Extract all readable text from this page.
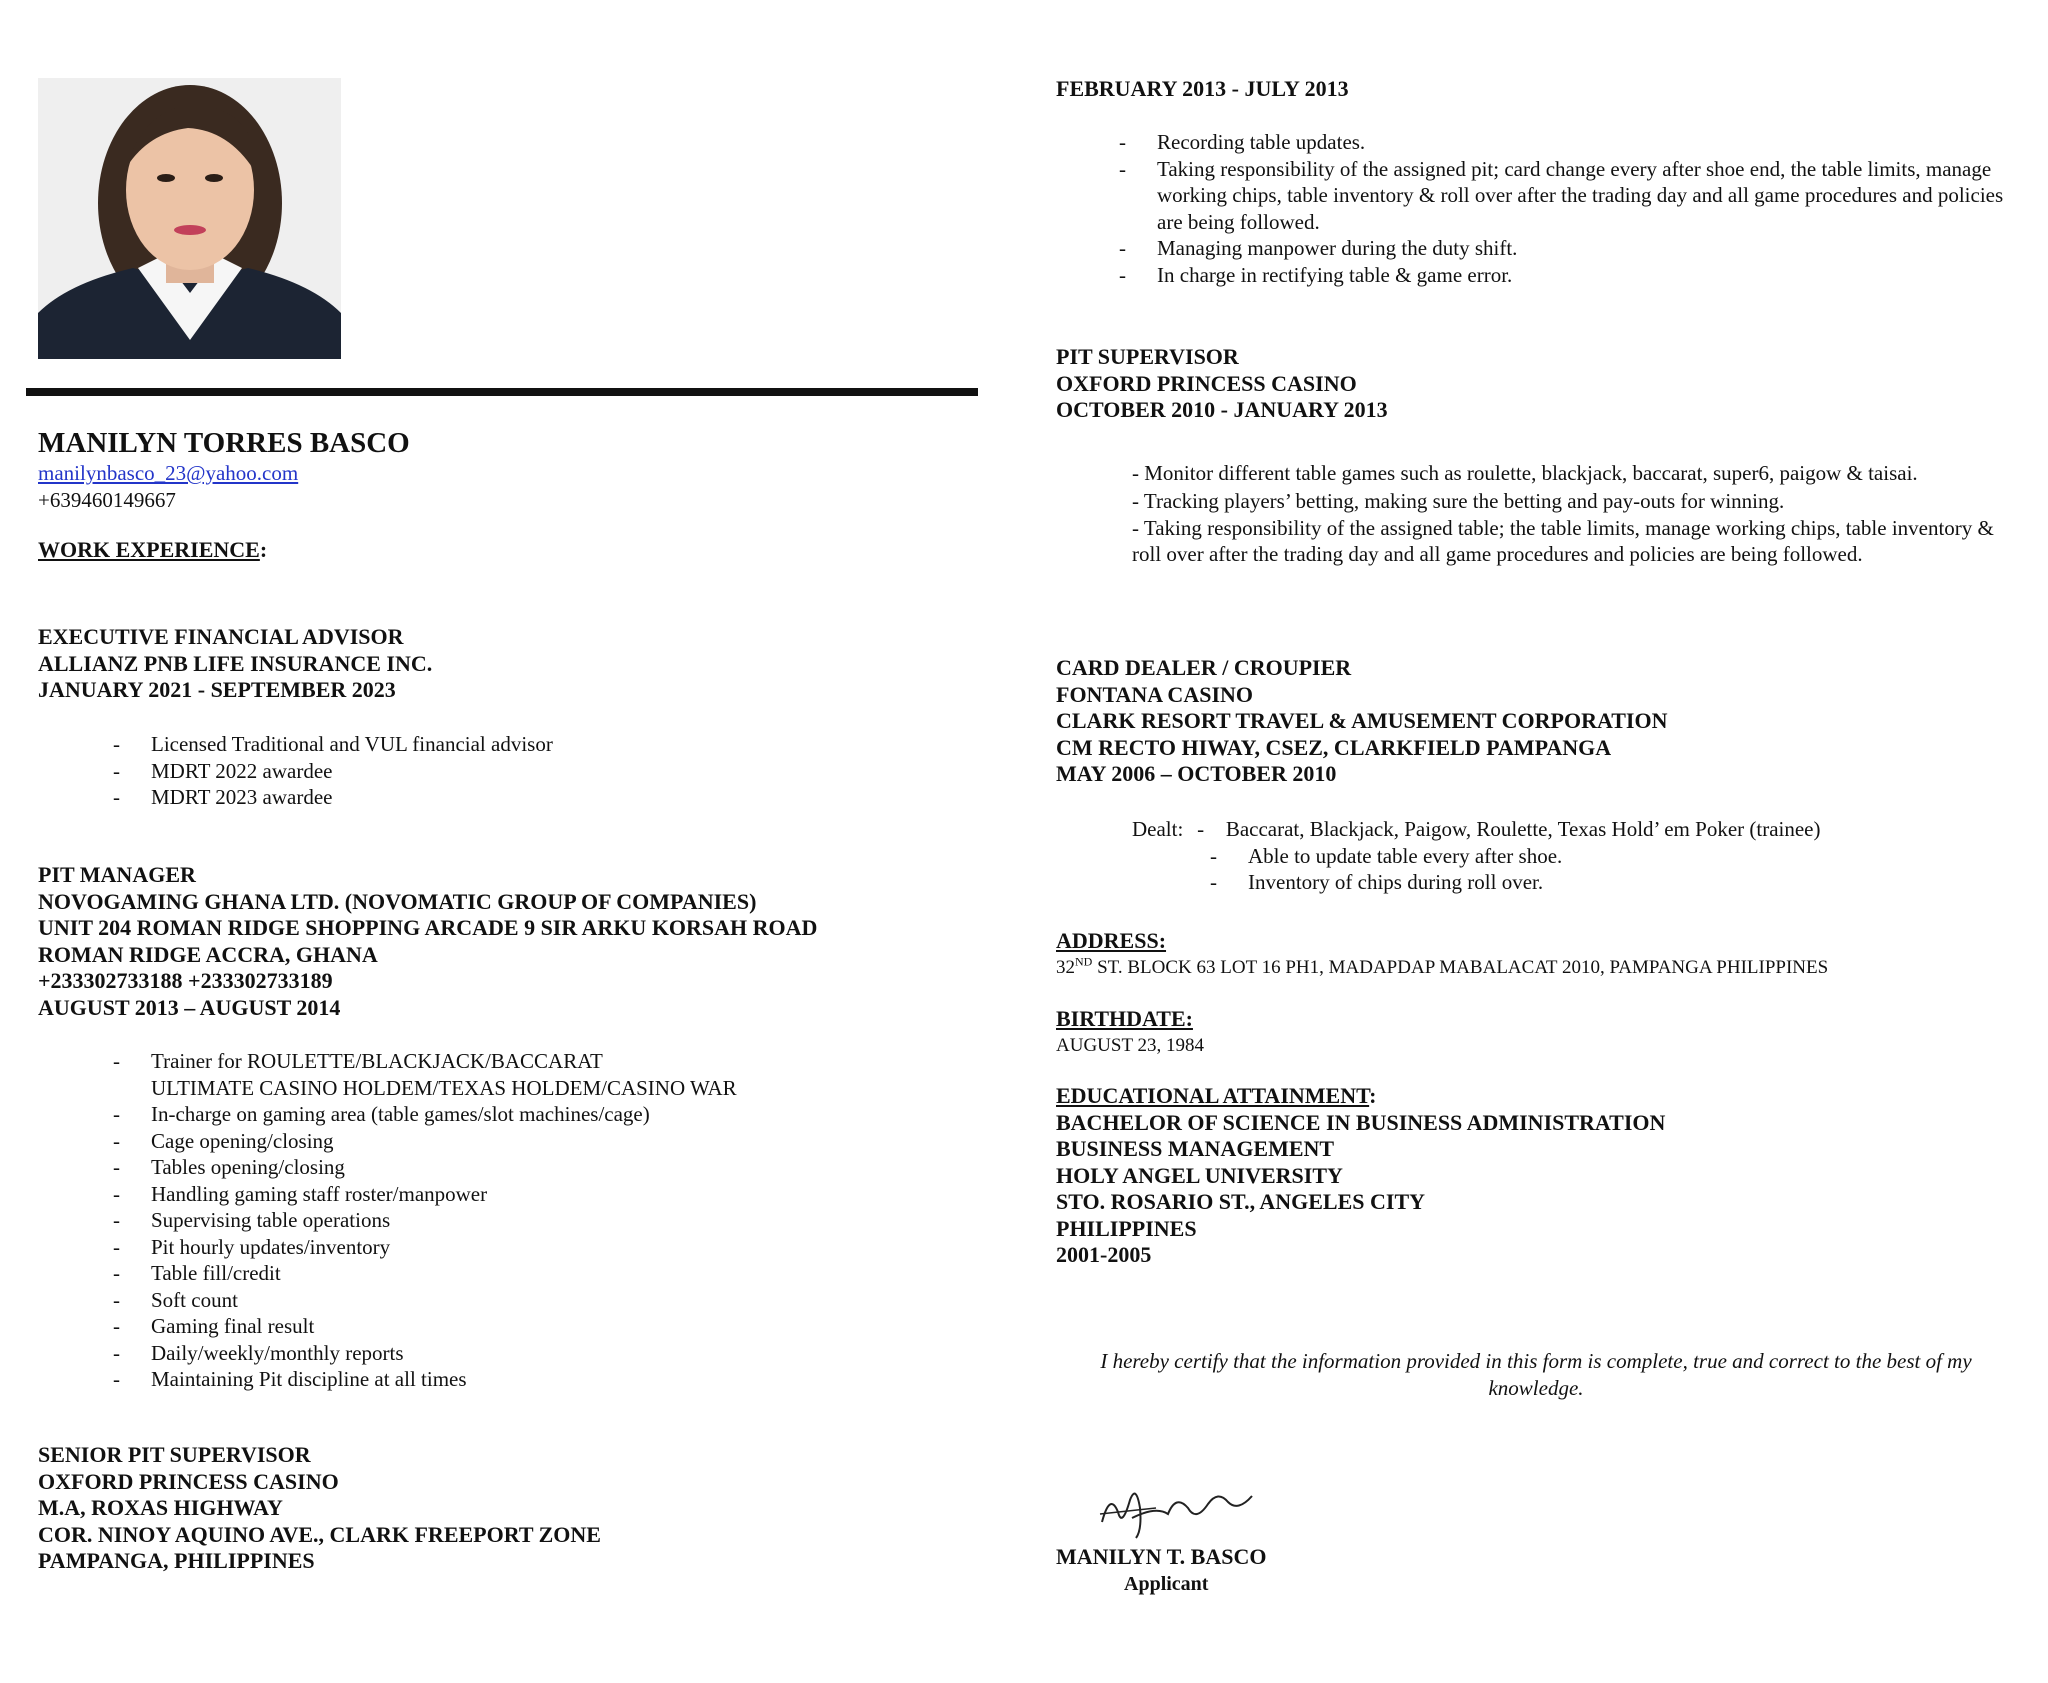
MANILYN TORRES BASCO
manilynbasco_23@yahoo.com
+639460149667
WORK EXPERIENCE:
EXECUTIVE FINANCIAL ADVISOR
ALLIANZ PNB LIFE INSURANCE INC.
JANUARY 2021 - SEPTEMBER 2023
- Licensed Traditional and VUL financial advisor
- MDRT 2022 awardee
- MDRT 2023 awardee
PIT MANAGER
NOVOGAMING GHANA LTD. (NOVOMATIC GROUP OF COMPANIES)
UNIT 204 ROMAN RIDGE SHOPPING ARCADE 9 SIR ARKU KORSAH ROAD
ROMAN RIDGE ACCRA, GHANA
+233302733188 +233302733189
AUGUST 2013 – AUGUST 2014
- Trainer for ROULETTE/BLACKJACK/BACCARAT
ULTIMATE CASINO HOLDEM/TEXAS HOLDEM/CASINO WAR
- In-charge on gaming area (table games/slot machines/cage)
- Cage opening/closing
- Tables opening/closing
- Handling gaming staff roster/manpower
- Supervising table operations
- Pit hourly updates/inventory
- Table fill/credit
- Soft count
- Gaming final result
- Daily/weekly/monthly reports
- Maintaining Pit discipline at all times
SENIOR PIT SUPERVISOR
OXFORD PRINCESS CASINO
M.A, ROXAS HIGHWAY
COR. NINOY AQUINO AVE., CLARK FREEPORT ZONE
PAMPANGA, PHILIPPINES
FEBRUARY 2013 - JULY 2013
- Recording table updates.
- Taking responsibility of the assigned pit; card change every after shoe end, the table limits, manage working chips, table inventory & roll over after the trading day and all game procedures and policies are being followed.
- Managing manpower during the duty shift.
- In charge in rectifying table & game error.
PIT SUPERVISOR
OXFORD PRINCESS CASINO
OCTOBER 2010 - JANUARY 2013
- Monitor different table games such as roulette, blackjack, baccarat, super6, paigow & taisai.
- Tracking players’ betting, making sure the betting and pay-outs for winning.
- Taking responsibility of the assigned table; the table limits, manage working chips, table inventory & roll over after the trading day and all game procedures and policies are being followed.
CARD DEALER / CROUPIER
FONTANA CASINO
CLARK RESORT TRAVEL & AMUSEMENT CORPORATION
CM RECTO HIWAY, CSEZ, CLARKFIELD PAMPANGA
MAY 2006 – OCTOBER 2010
Dealt: - Baccarat, Blackjack, Paigow, Roulette, Texas Hold’ em Poker (trainee)
- Able to update table every after shoe.
- Inventory of chips during roll over.
ADDRESS:
32ND ST. BLOCK 63 LOT 16 PH1, MADAPDAP MABALACAT 2010, PAMPANGA PHILIPPINES
BIRTHDATE:
AUGUST 23, 1984
EDUCATIONAL ATTAINMENT:
BACHELOR OF SCIENCE IN BUSINESS ADMINISTRATION
BUSINESS MANAGEMENT
HOLY ANGEL UNIVERSITY
STO. ROSARIO ST., ANGELES CITY
PHILIPPINES
2001-2005
I hereby certify that the information provided in this form is complete, true and correct to the best of my knowledge.
MANILYN T. BASCO
Applicant
